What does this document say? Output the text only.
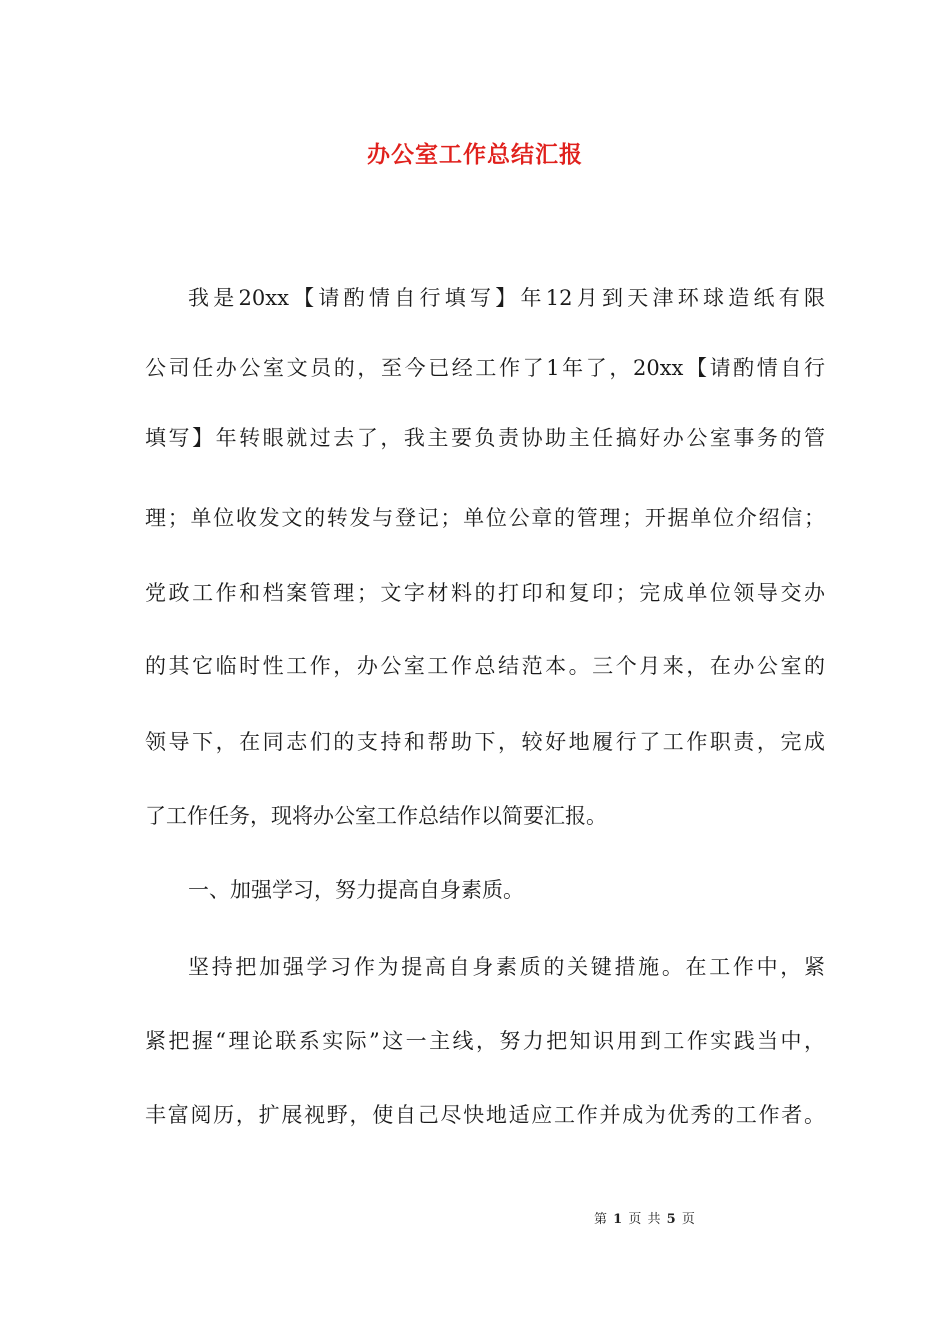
办公室工作总结汇报
我是20xx【请酌情自行填写】年12月到天津环球造纸有限
公司任办公室文员的，至今已经工作了1年了，20xx【请酌情自行
填写】年转眼就过去了，我主要负责协助主任搞好办公室事务的管
理；单位收发文的转发与登记；单位公章的管理；开据单位介绍信；
党政工作和档案管理；文字材料的打印和复印；完成单位领导交办
的其它临时性工作，办公室工作总结范本。三个月来，在办公室的
领导下，在同志们的支持和帮助下，较好地履行了工作职责，完成
了工作任务，现将办公室工作总结作以简要汇报。
一、加强学习，努力提高自身素质。
坚持把加强学习作为提高自身素质的关键措施。在工作中，紧
紧把握“理论联系实际”这一主线，努力把知识用到工作实践当中，
丰富阅历，扩展视野，使自己尽快地适应工作并成为优秀的工作者。
第 1 页 共 5 页
